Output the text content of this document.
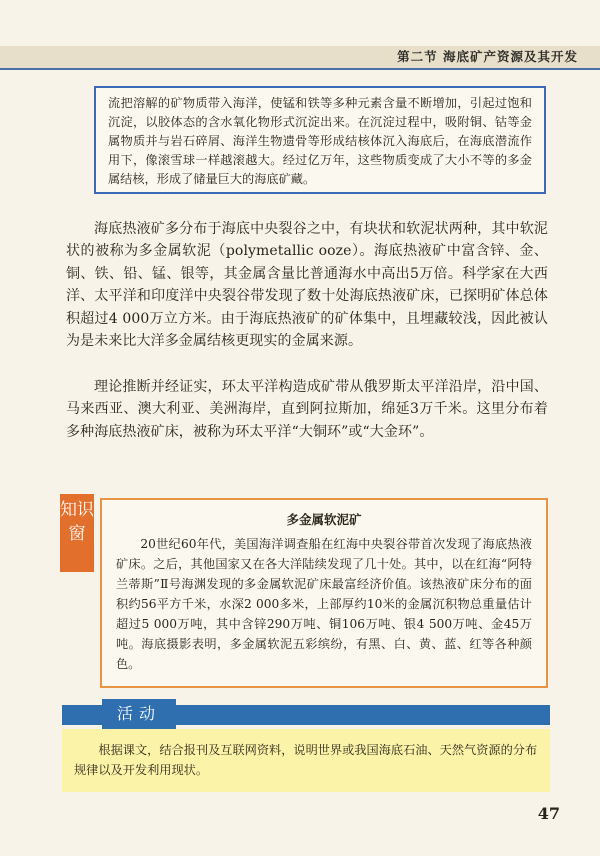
第二节 海底矿产资源及其开发
流把溶解的矿物质带入海洋，使锰和铁等多种元素含量不断增加，引起过饱和沉淀，以胶体态的含水氧化物形式沉淀出来。在沉淀过程中，吸附铜、钴等金属物质并与岩石碎屑、海洋生物遗骨等形成结核体沉入海底后，在海底潜流作用下，像滚雪球一样越滚越大。经过亿万年，这些物质变成了大小不等的多金属结核，形成了储量巨大的海底矿藏。

海底热液矿多分布于海底中央裂谷之中，有块状和软泥状两种，其中软泥状的被称为多金属软泥（polymetallic ooze）。海底热液矿中富含锌、金、铜、铁、铅、锰、银等，其金属含量比普通海水中高出5万倍。科学家在大西洋、太平洋和印度洋中央裂谷带发现了数十处海底热液矿床，已探明矿体总体积超过4 000万立方米。由于海底热液矿的矿体集中，且埋藏较浅，因此被认为是未来比大洋多金属结核更现实的金属来源。

理论推断并经证实，环太平洋构造成矿带从俄罗斯太平洋沿岸，沿中国、马来西亚、澳大利亚、美洲海岸，直到阿拉斯加，绵延3万千米。这里分布着多种海底热液矿床，被称为环太平洋“大铜环”或“大金环”。

知识窗
多金属软泥矿
20世纪60年代，美国海洋调查船在红海中央裂谷带首次发现了海底热液矿床。之后，其他国家又在各大洋陆续发现了几十处。其中，以在红海“阿特兰蒂斯”Ⅱ号海渊发现的多金属软泥矿床最富经济价值。该热液矿床分布的面积约56平方千米，水深2 000多米，上部厚约10米的金属沉积物总重量估计超过5 000万吨，其中含锌290万吨、铜106万吨、银4 500万吨、金45万吨。海底摄影表明，多金属软泥五彩缤纷，有黑、白、黄、蓝、红等各种颜色。
活动
根据课文，结合报刊及互联网资料，说明世界或我国海底石油、天然气资源的分布规律以及开发利用现状。
47
